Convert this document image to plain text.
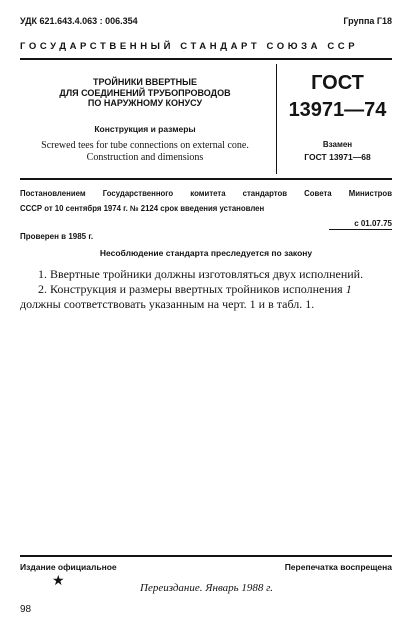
УДК 621.643.4.063 : 006.354	Группа Г18
ГОСУДАРСТВЕННЫЙ СТАНДАРТ СОЮЗА ССР
ТРОЙНИКИ ВВЕРТНЫЕ
ДЛЯ СОЕДИНЕНИЙ ТРУБОПРОВОДОВ
ПО НАРУЖНОМУ КОНУСУ
Конструкция и размеры
Screwed tees for tube connections on external cone.
Construction and dimensions
ГОСТ
13971—74
Взамен
ГОСТ 13971—68
Постановлением Государственного комитета стандартов Совета Министров
СССР от 10 сентября 1974 г. № 2124 срок введения установлен
с 01.07.75
Проверен в 1985 г.
Несоблюдение стандарта преследуется по закону
1. Ввертные тройники должны изготовляться двух исполнений.
2. Конструкция и размеры ввертных тройников исполнения 1
должны соответствовать указанным на черт. 1 и в табл. 1.
Издание официальное	Перепечатка воспрещена
★	Переиздание. Январь 1988 г.
98
